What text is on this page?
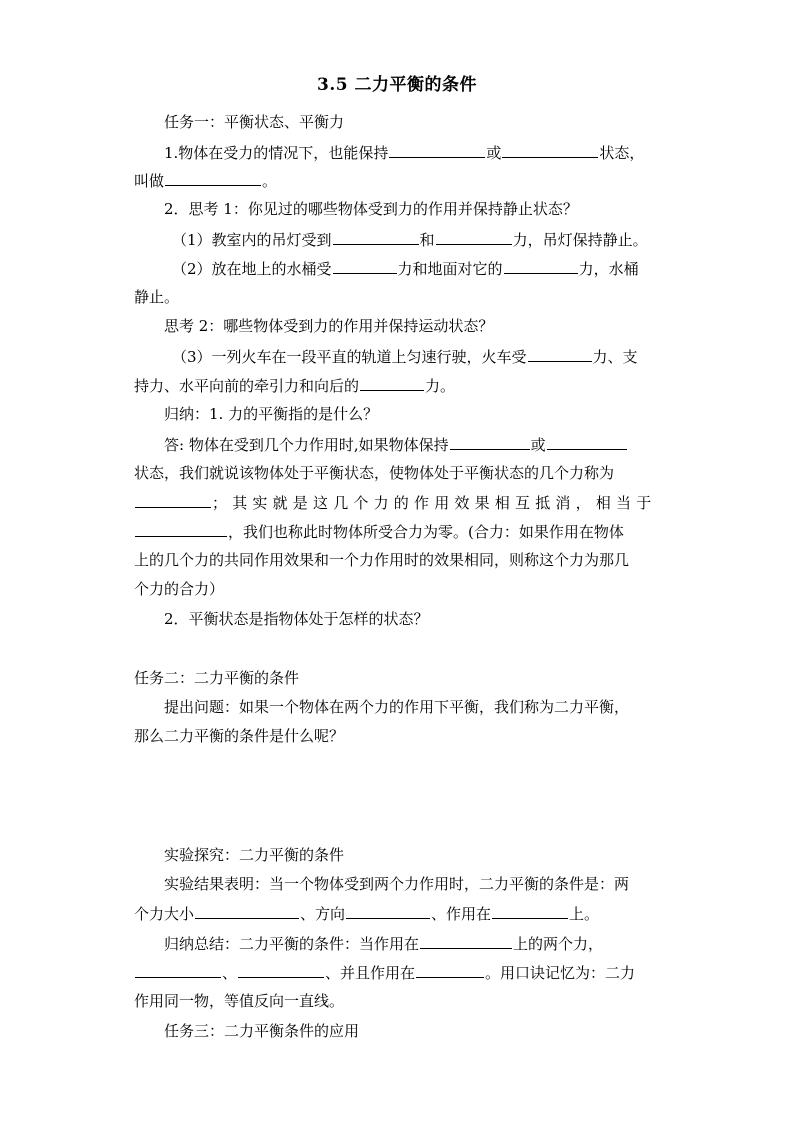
3.5 二力平衡的条件
任务一：平衡状态、平衡力
1.物体在受力的情况下，也能保持	或	状态，
叫做	。
2．思考 1：你见过的哪些物体受到力的作用并保持静止状态？
（1）教室内的吊灯受到	和	力，吊灯保持静止。
（2）放在地上的水桶受	力和地面对它的	力，水桶
静止。
思考 2：哪些物体受到力的作用并保持运动状态？
（3）一列火车在一段平直的轨道上匀速行驶，火车受	力、支
持力、水平向前的牵引力和向后的	力。
归纳：1. 力的平衡指的是什么？
答: 物体在受到几个力作用时,如果物体保持	或
状态，我们就说该物体处于平衡状态，使物体处于平衡状态的几个力称为
；其实就是这几个力的作用效果相互抵消，相当于
，我们也称此时物体所受合力为零。(合力：如果作用在物体
上的几个力的共同作用效果和一个力作用时的效果相同，则称这个力为那几
个力的合力）
2．平衡状态是指物体处于怎样的状态？
任务二：二力平衡的条件
提出问题：如果一个物体在两个力的作用下平衡，我们称为二力平衡，
那么二力平衡的条件是什么呢？
实验探究：二力平衡的条件
实验结果表明：当一个物体受到两个力作用时，二力平衡的条件是：两
个力大小	、方向	、作用在	上。
归纳总结：二力平衡的条件：当作用在	上的两个力，
、	、并且作用在	。用口诀记忆为：二力
作用同一物，等值反向一直线。
任务三：二力平衡条件的应用
